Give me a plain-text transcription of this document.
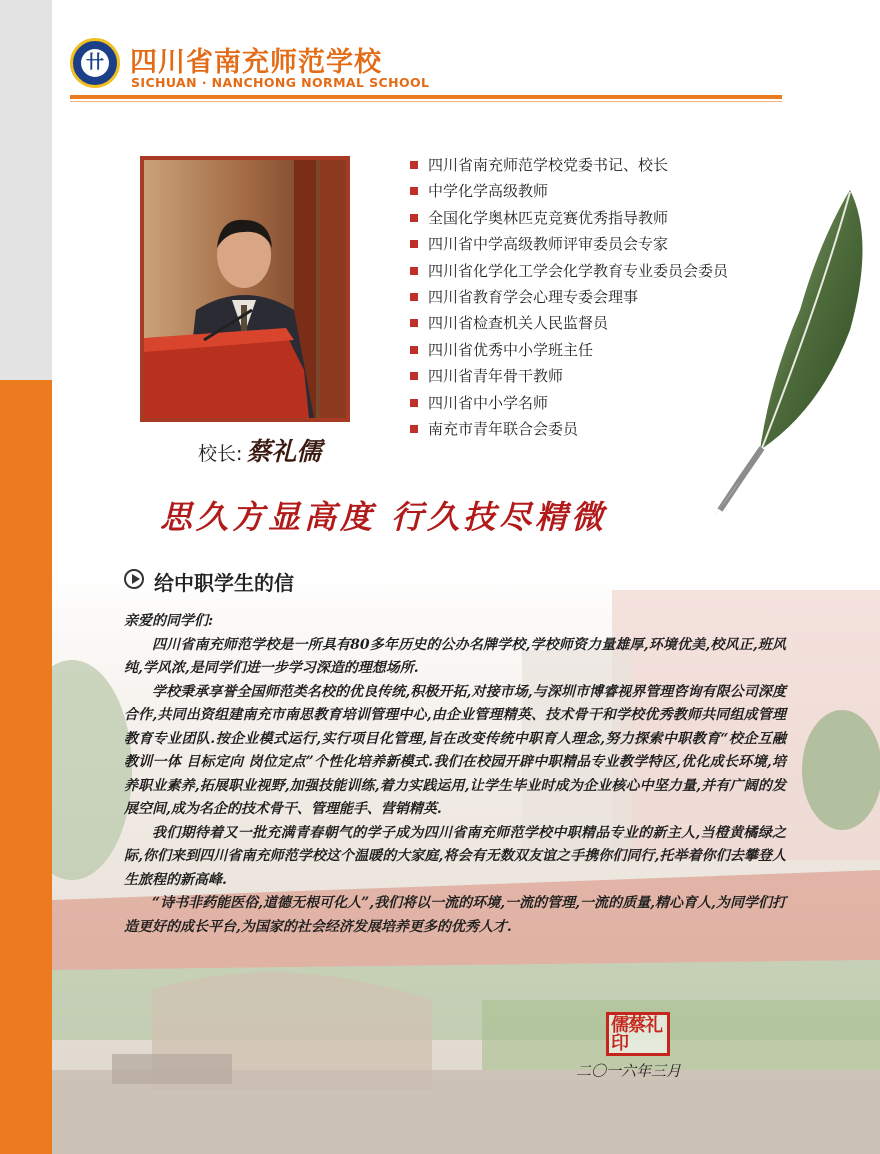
卄 四川省南充师范学校
SICHUAN · NANCHONG NORMAL SCHOOL
校长: 蔡礼儒
四川省南充师范学校党委书记、校长
中学化学高级教师
全国化学奥林匹克竞赛优秀指导教师
四川省中学高级教师评审委员会专家
四川省化学化工学会化学教育专业委员会委员
四川省教育学会心理专委会理事
四川省检查机关人民监督员
四川省优秀中小学班主任
四川省青年骨干教师
四川省中小学名师
南充市青年联合会委员
思久方显高度 行久技尽精微
给中职学生的信

亲爱的同学们:

四川省南充师范学校是一所具有80多年历史的公办名牌学校,学校师资力量雄厚,环境优美,校风正,班风纯,学风浓,是同学们进一步学习深造的理想场所.

学校秉承享誉全国师范类名校的优良传统,积极开拓,对接市场,与深圳市博睿视界管理咨询有限公司深度合作,共同出资组建南充市南思教育培训管理中心,由企业管理精英、技术骨干和学校优秀教师共同组成管理教育专业团队.按企业模式运行,实行项目化管理,旨在改变传统中职育人理念,努力探索中职教育“校企互融 教训一体 目标定向 岗位定点”个性化培养新模式.我们在校园开辟中职精品专业教学特区,优化成长环境,培养职业素养,拓展职业视野,加强技能训练,着力实践运用,让学生毕业时成为企业核心中坚力量,并有广阔的发展空间,成为名企的技术骨干、管理能手、营销精英.

我们期待着又一批充满青春朝气的学子成为四川省南充师范学校中职精品专业的新主人,当橙黄橘绿之际,你们来到四川省南充师范学校这个温暖的大家庭,将会有无数双友谊之手携你们同行,托举着你们去攀登人生旅程的新高峰.

“诗书非药能医俗,道德无根可化人”,我们将以一流的环境,一流的管理,一流的质量,精心育人,为同学们打造更好的成长平台,为国家的社会经济发展培养更多的优秀人才.

儒蔡礼印
二〇一六年三月
